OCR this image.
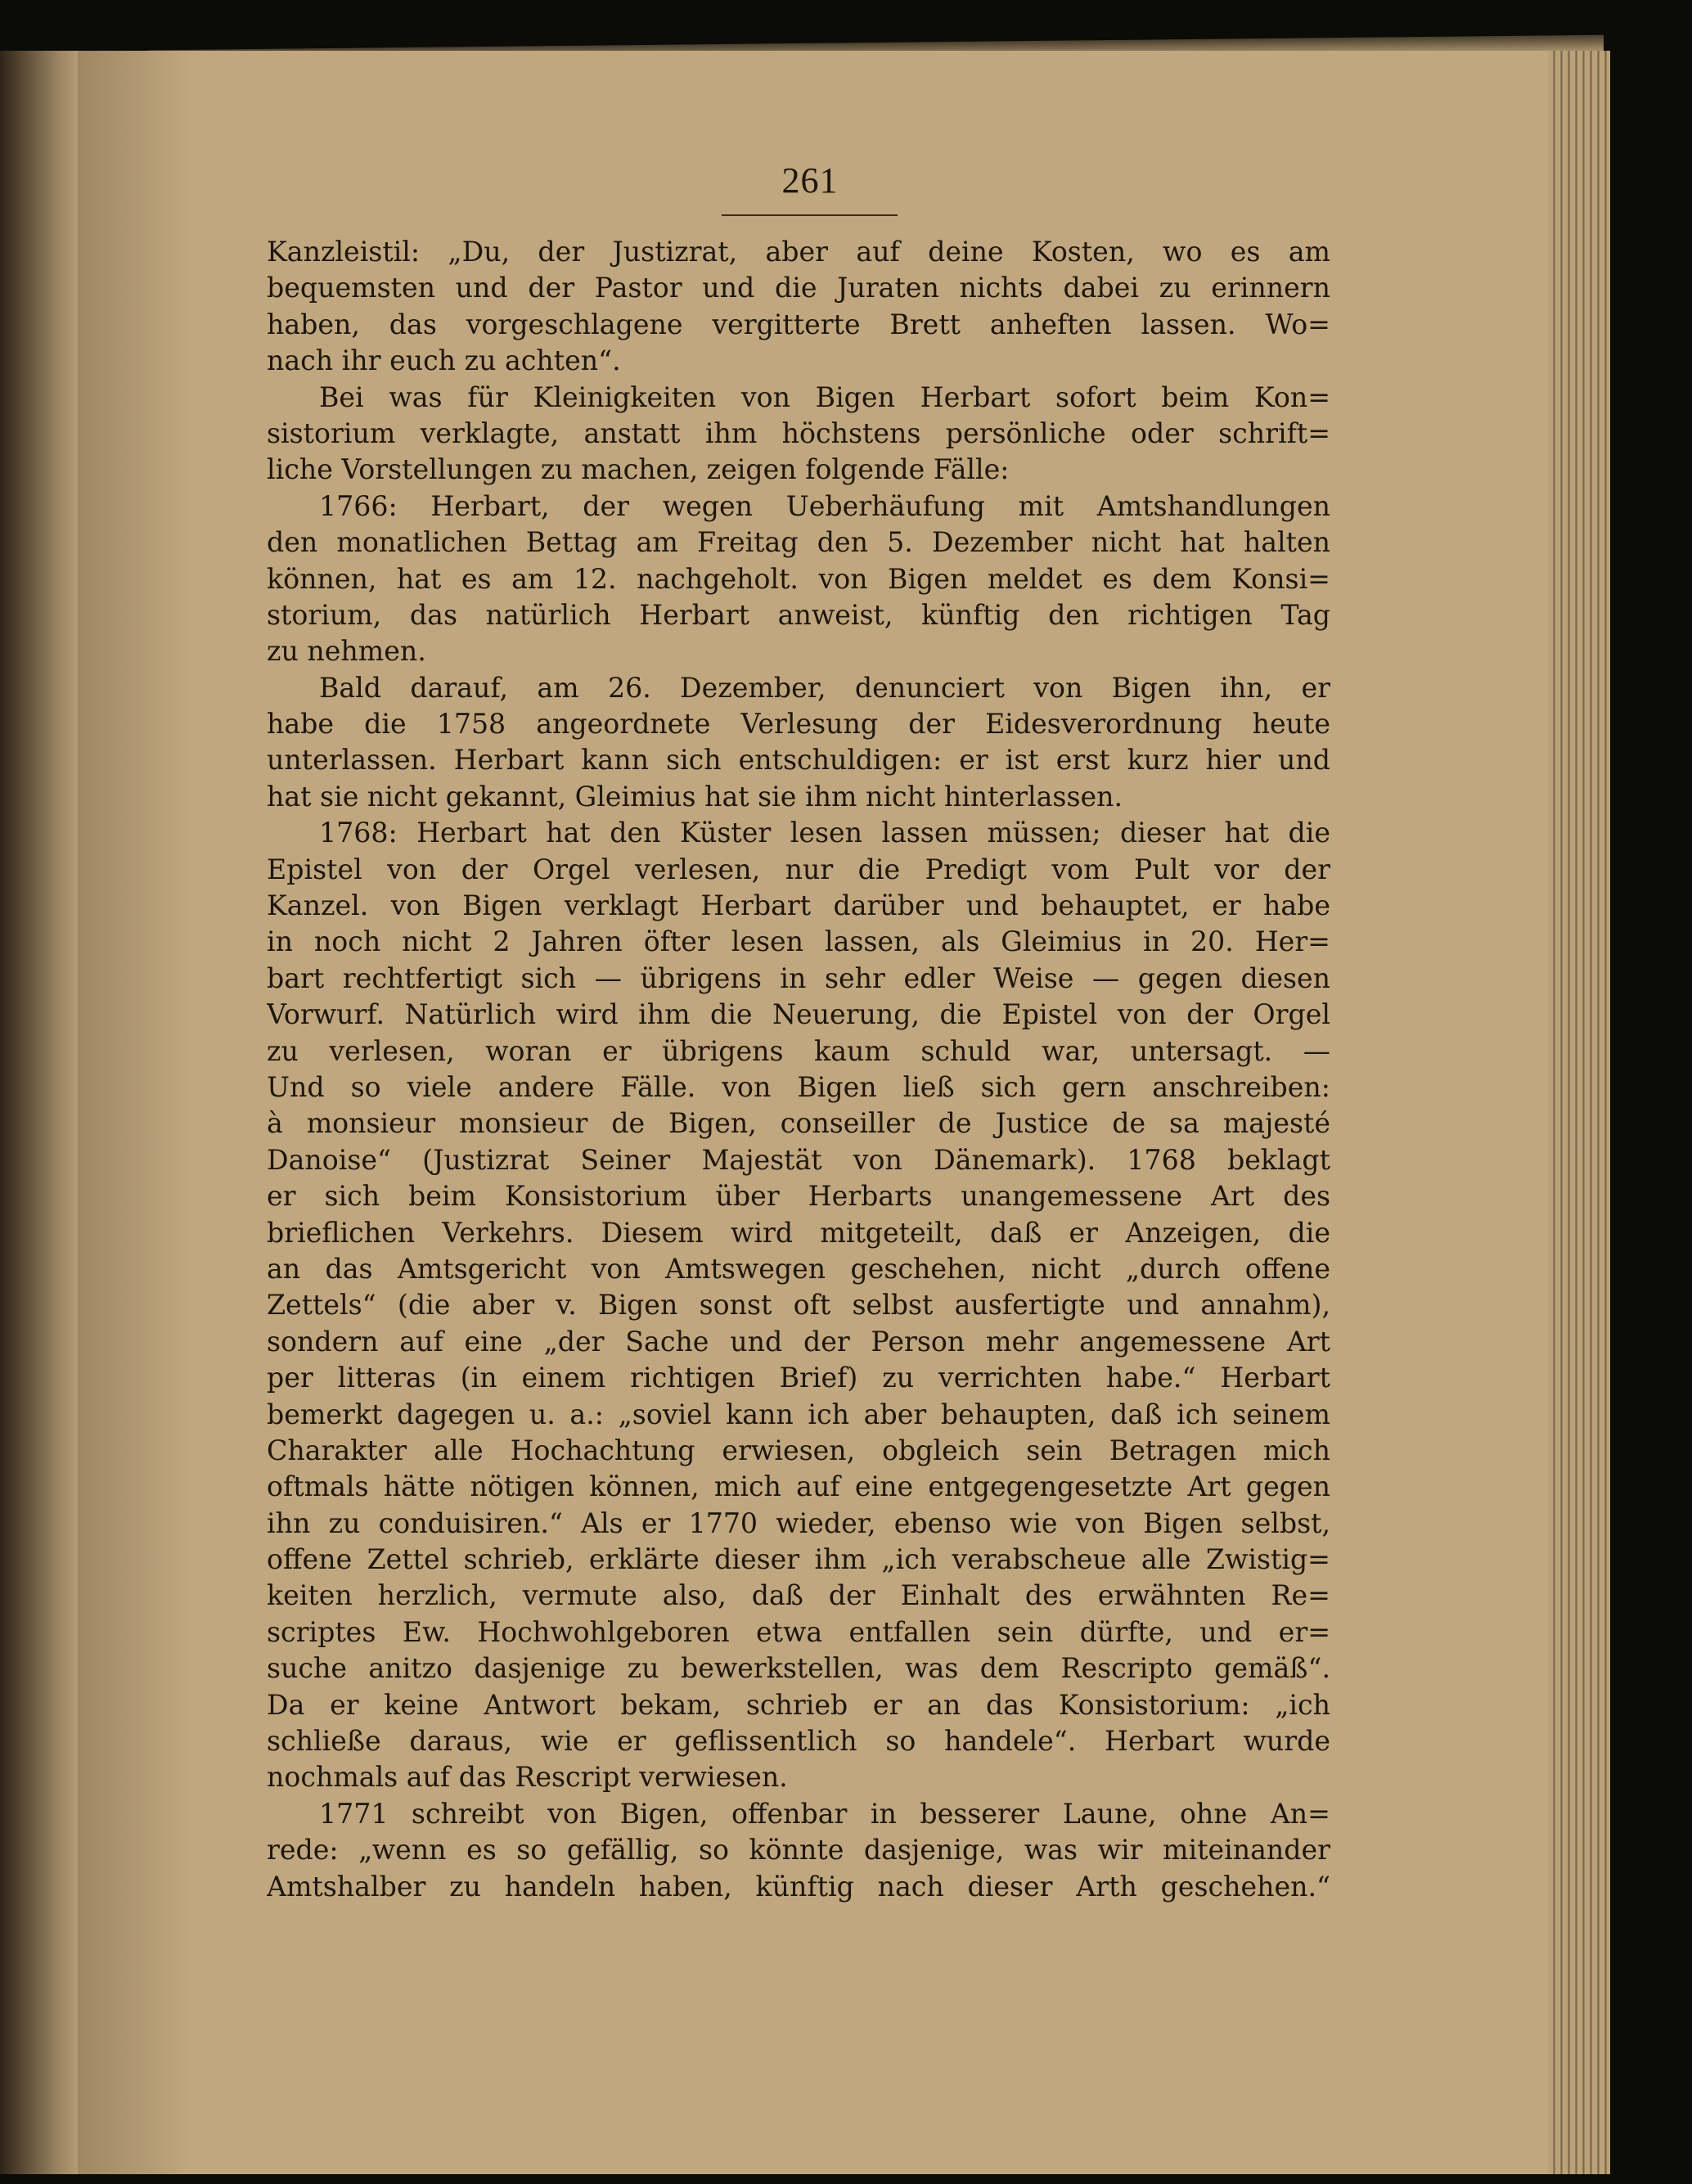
261
Kanzleistil: „Du, der Justizrat, aber auf deine Kosten, wo es am
bequemsten und der Pastor und die Juraten nichts dabei zu erinnern
haben, das vorgeschlagene vergitterte Brett anheften lassen. Wo=
nach ihr euch zu achten“.
Bei was für Kleinigkeiten von Bigen Herbart sofort beim Kon=
sistorium verklagte, anstatt ihm höchstens persönliche oder schrift=
liche Vorstellungen zu machen, zeigen folgende Fälle:
1766: Herbart, der wegen Ueberhäufung mit Amtshandlungen
den monatlichen Bettag am Freitag den 5. Dezember nicht hat halten
können, hat es am 12. nachgeholt. von Bigen meldet es dem Konsi=
storium, das natürlich Herbart anweist, künftig den richtigen Tag
zu nehmen.
Bald darauf, am 26. Dezember, denunciert von Bigen ihn, er
habe die 1758 angeordnete Verlesung der Eidesverordnung heute
unterlassen. Herbart kann sich entschuldigen: er ist erst kurz hier und
hat sie nicht gekannt, Gleimius hat sie ihm nicht hinterlassen.
1768: Herbart hat den Küster lesen lassen müssen; dieser hat die
Epistel von der Orgel verlesen, nur die Predigt vom Pult vor der
Kanzel. von Bigen verklagt Herbart darüber und behauptet, er habe
in noch nicht 2 Jahren öfter lesen lassen, als Gleimius in 20. Her=
bart rechtfertigt sich — übrigens in sehr edler Weise — gegen diesen
Vorwurf. Natürlich wird ihm die Neuerung, die Epistel von der Orgel
zu verlesen, woran er übrigens kaum schuld war, untersagt. —
Und so viele andere Fälle. von Bigen ließ sich gern anschreiben:
à monsieur monsieur de Bigen, conseiller de Justice de sa majesté
Danoise“ (Justizrat Seiner Majestät von Dänemark). 1768 beklagt
er sich beim Konsistorium über Herbarts unangemessene Art des
brieflichen Verkehrs. Diesem wird mitgeteilt, daß er Anzeigen, die
an das Amtsgericht von Amtswegen geschehen, nicht „durch offene
Zettels“ (die aber v. Bigen sonst oft selbst ausfertigte und annahm),
sondern auf eine „der Sache und der Person mehr angemessene Art
per litteras (in einem richtigen Brief) zu verrichten habe.“ Herbart
bemerkt dagegen u. a.: „soviel kann ich aber behaupten, daß ich seinem
Charakter alle Hochachtung erwiesen, obgleich sein Betragen mich
oftmals hätte nötigen können, mich auf eine entgegengesetzte Art gegen
ihn zu conduisiren.“ Als er 1770 wieder, ebenso wie von Bigen selbst,
offene Zettel schrieb, erklärte dieser ihm „ich verabscheue alle Zwistig=
keiten herzlich, vermute also, daß der Einhalt des erwähnten Re=
scriptes Ew. Hochwohlgeboren etwa entfallen sein dürfte, und er=
suche anitzo dasjenige zu bewerkstellen, was dem Rescripto gemäß“.
Da er keine Antwort bekam, schrieb er an das Konsistorium: „ich
schließe daraus, wie er geflissentlich so handele“. Herbart wurde
nochmals auf das Rescript verwiesen.
1771 schreibt von Bigen, offenbar in besserer Laune, ohne An=
rede: „wenn es so gefällig, so könnte dasjenige, was wir miteinander
Amtshalber zu handeln haben, künftig nach dieser Arth geschehen.“
